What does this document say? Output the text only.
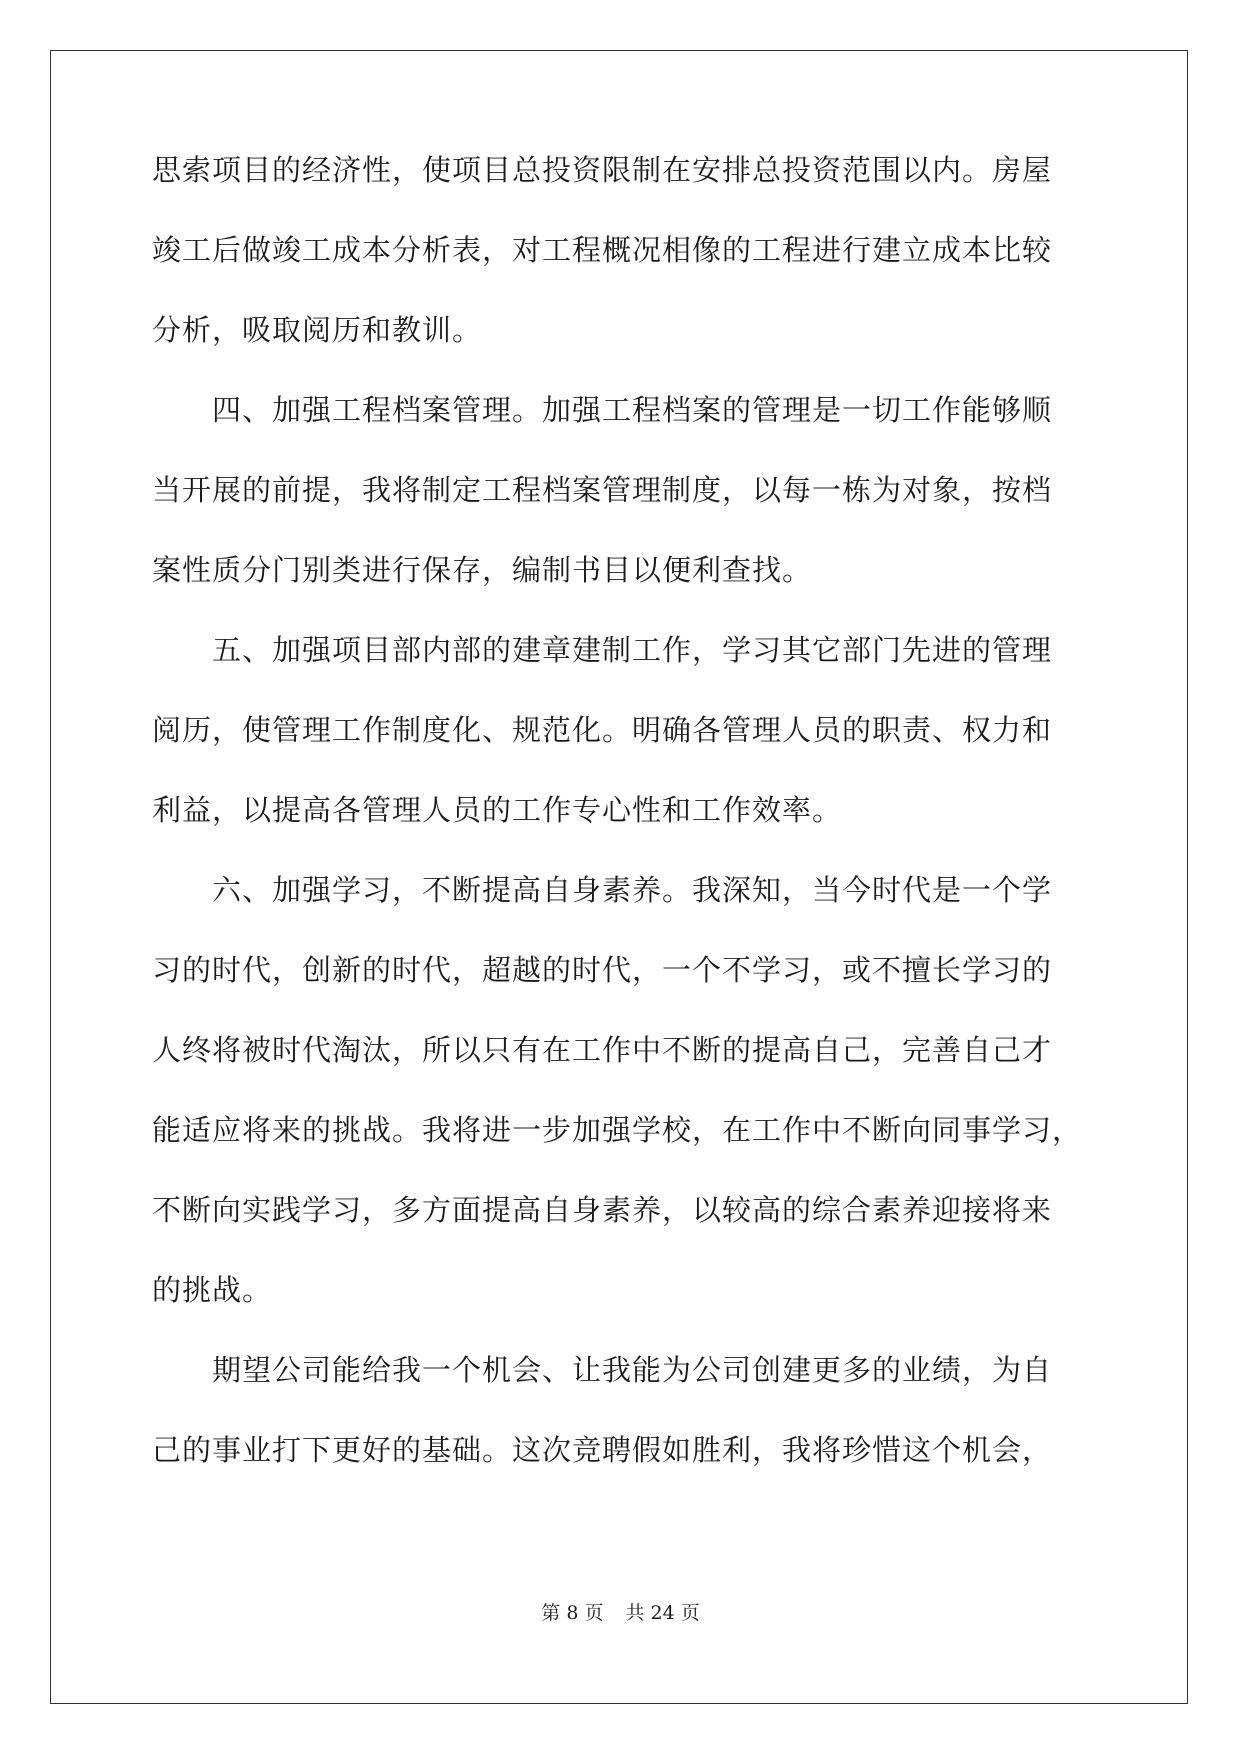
思索项目的经济性，使项目总投资限制在安排总投资范围以内。房屋
竣工后做竣工成本分析表，对工程概况相像的工程进行建立成本比较
分析，吸取阅历和教训。
　　四、加强工程档案管理。加强工程档案的管理是一切工作能够顺
当开展的前提，我将制定工程档案管理制度，以每一栋为对象，按档
案性质分门别类进行保存，编制书目以便利查找。
　　五、加强项目部内部的建章建制工作，学习其它部门先进的管理
阅历，使管理工作制度化、规范化。明确各管理人员的职责、权力和
利益，以提高各管理人员的工作专心性和工作效率。
　　六、加强学习，不断提高自身素养。我深知，当今时代是一个学
习的时代，创新的时代，超越的时代，一个不学习，或不擅长学习的
人终将被时代淘汰，所以只有在工作中不断的提高自己，完善自己才
能适应将来的挑战。我将进一步加强学校，在工作中不断向同事学习，
不断向实践学习，多方面提高自身素养，以较高的综合素养迎接将来
的挑战。
　　期望公司能给我一个机会、让我能为公司创建更多的业绩，为自
己的事业打下更好的基础。这次竞聘假如胜利，我将珍惜这个机会，
第 8 页 共 24 页
